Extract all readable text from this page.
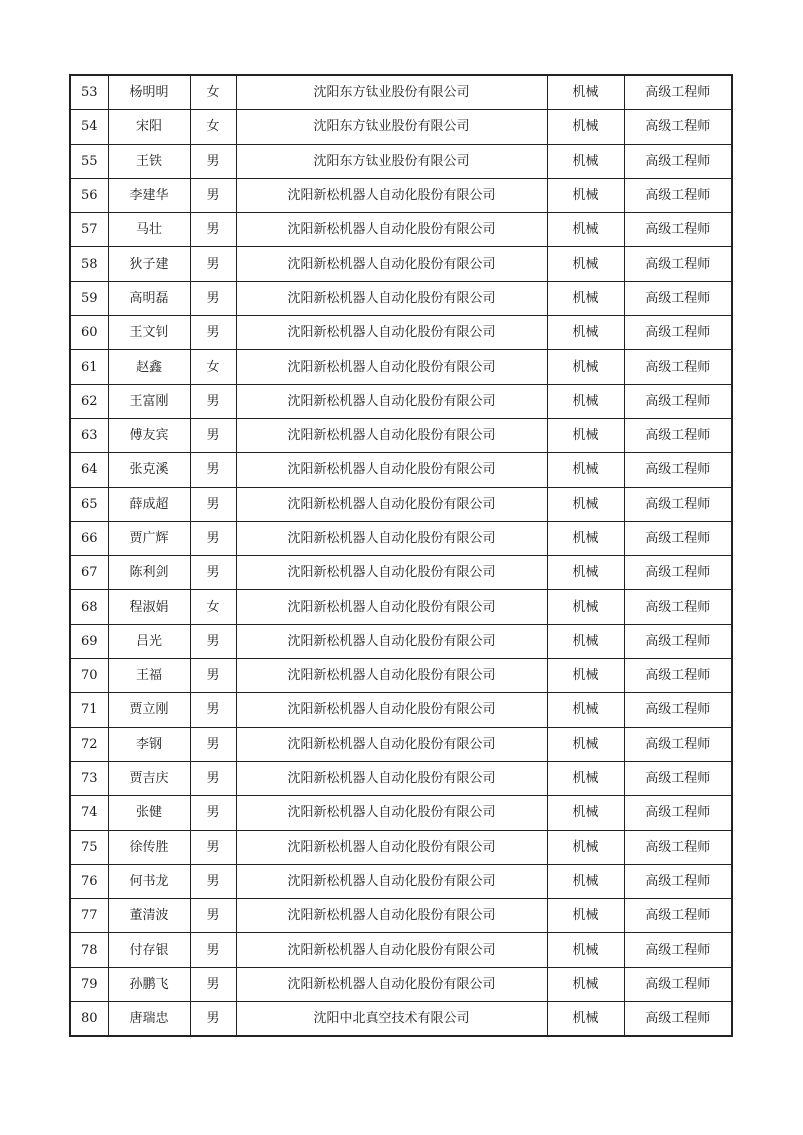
53	杨明明	女	沈阳东方钛业股份有限公司	机械	高级工程师
54	宋阳	女	沈阳东方钛业股份有限公司	机械	高级工程师
55	王铁	男	沈阳东方钛业股份有限公司	机械	高级工程师
56	李建华	男	沈阳新松机器人自动化股份有限公司	机械	高级工程师
57	马壮	男	沈阳新松机器人自动化股份有限公司	机械	高级工程师
58	狄子建	男	沈阳新松机器人自动化股份有限公司	机械	高级工程师
59	高明磊	男	沈阳新松机器人自动化股份有限公司	机械	高级工程师
60	王文钊	男	沈阳新松机器人自动化股份有限公司	机械	高级工程师
61	赵鑫	女	沈阳新松机器人自动化股份有限公司	机械	高级工程师
62	王富刚	男	沈阳新松机器人自动化股份有限公司	机械	高级工程师
63	傅友宾	男	沈阳新松机器人自动化股份有限公司	机械	高级工程师
64	张克溪	男	沈阳新松机器人自动化股份有限公司	机械	高级工程师
65	薛成超	男	沈阳新松机器人自动化股份有限公司	机械	高级工程师
66	贾广辉	男	沈阳新松机器人自动化股份有限公司	机械	高级工程师
67	陈利剑	男	沈阳新松机器人自动化股份有限公司	机械	高级工程师
68	程淑娟	女	沈阳新松机器人自动化股份有限公司	机械	高级工程师
69	吕光	男	沈阳新松机器人自动化股份有限公司	机械	高级工程师
70	王福	男	沈阳新松机器人自动化股份有限公司	机械	高级工程师
71	贾立刚	男	沈阳新松机器人自动化股份有限公司	机械	高级工程师
72	李钢	男	沈阳新松机器人自动化股份有限公司	机械	高级工程师
73	贾吉庆	男	沈阳新松机器人自动化股份有限公司	机械	高级工程师
74	张健	男	沈阳新松机器人自动化股份有限公司	机械	高级工程师
75	徐传胜	男	沈阳新松机器人自动化股份有限公司	机械	高级工程师
76	何书龙	男	沈阳新松机器人自动化股份有限公司	机械	高级工程师
77	董清波	男	沈阳新松机器人自动化股份有限公司	机械	高级工程师
78	付存银	男	沈阳新松机器人自动化股份有限公司	机械	高级工程师
79	孙鹏飞	男	沈阳新松机器人自动化股份有限公司	机械	高级工程师
80	唐瑞忠	男	沈阳中北真空技术有限公司	机械	高级工程师
